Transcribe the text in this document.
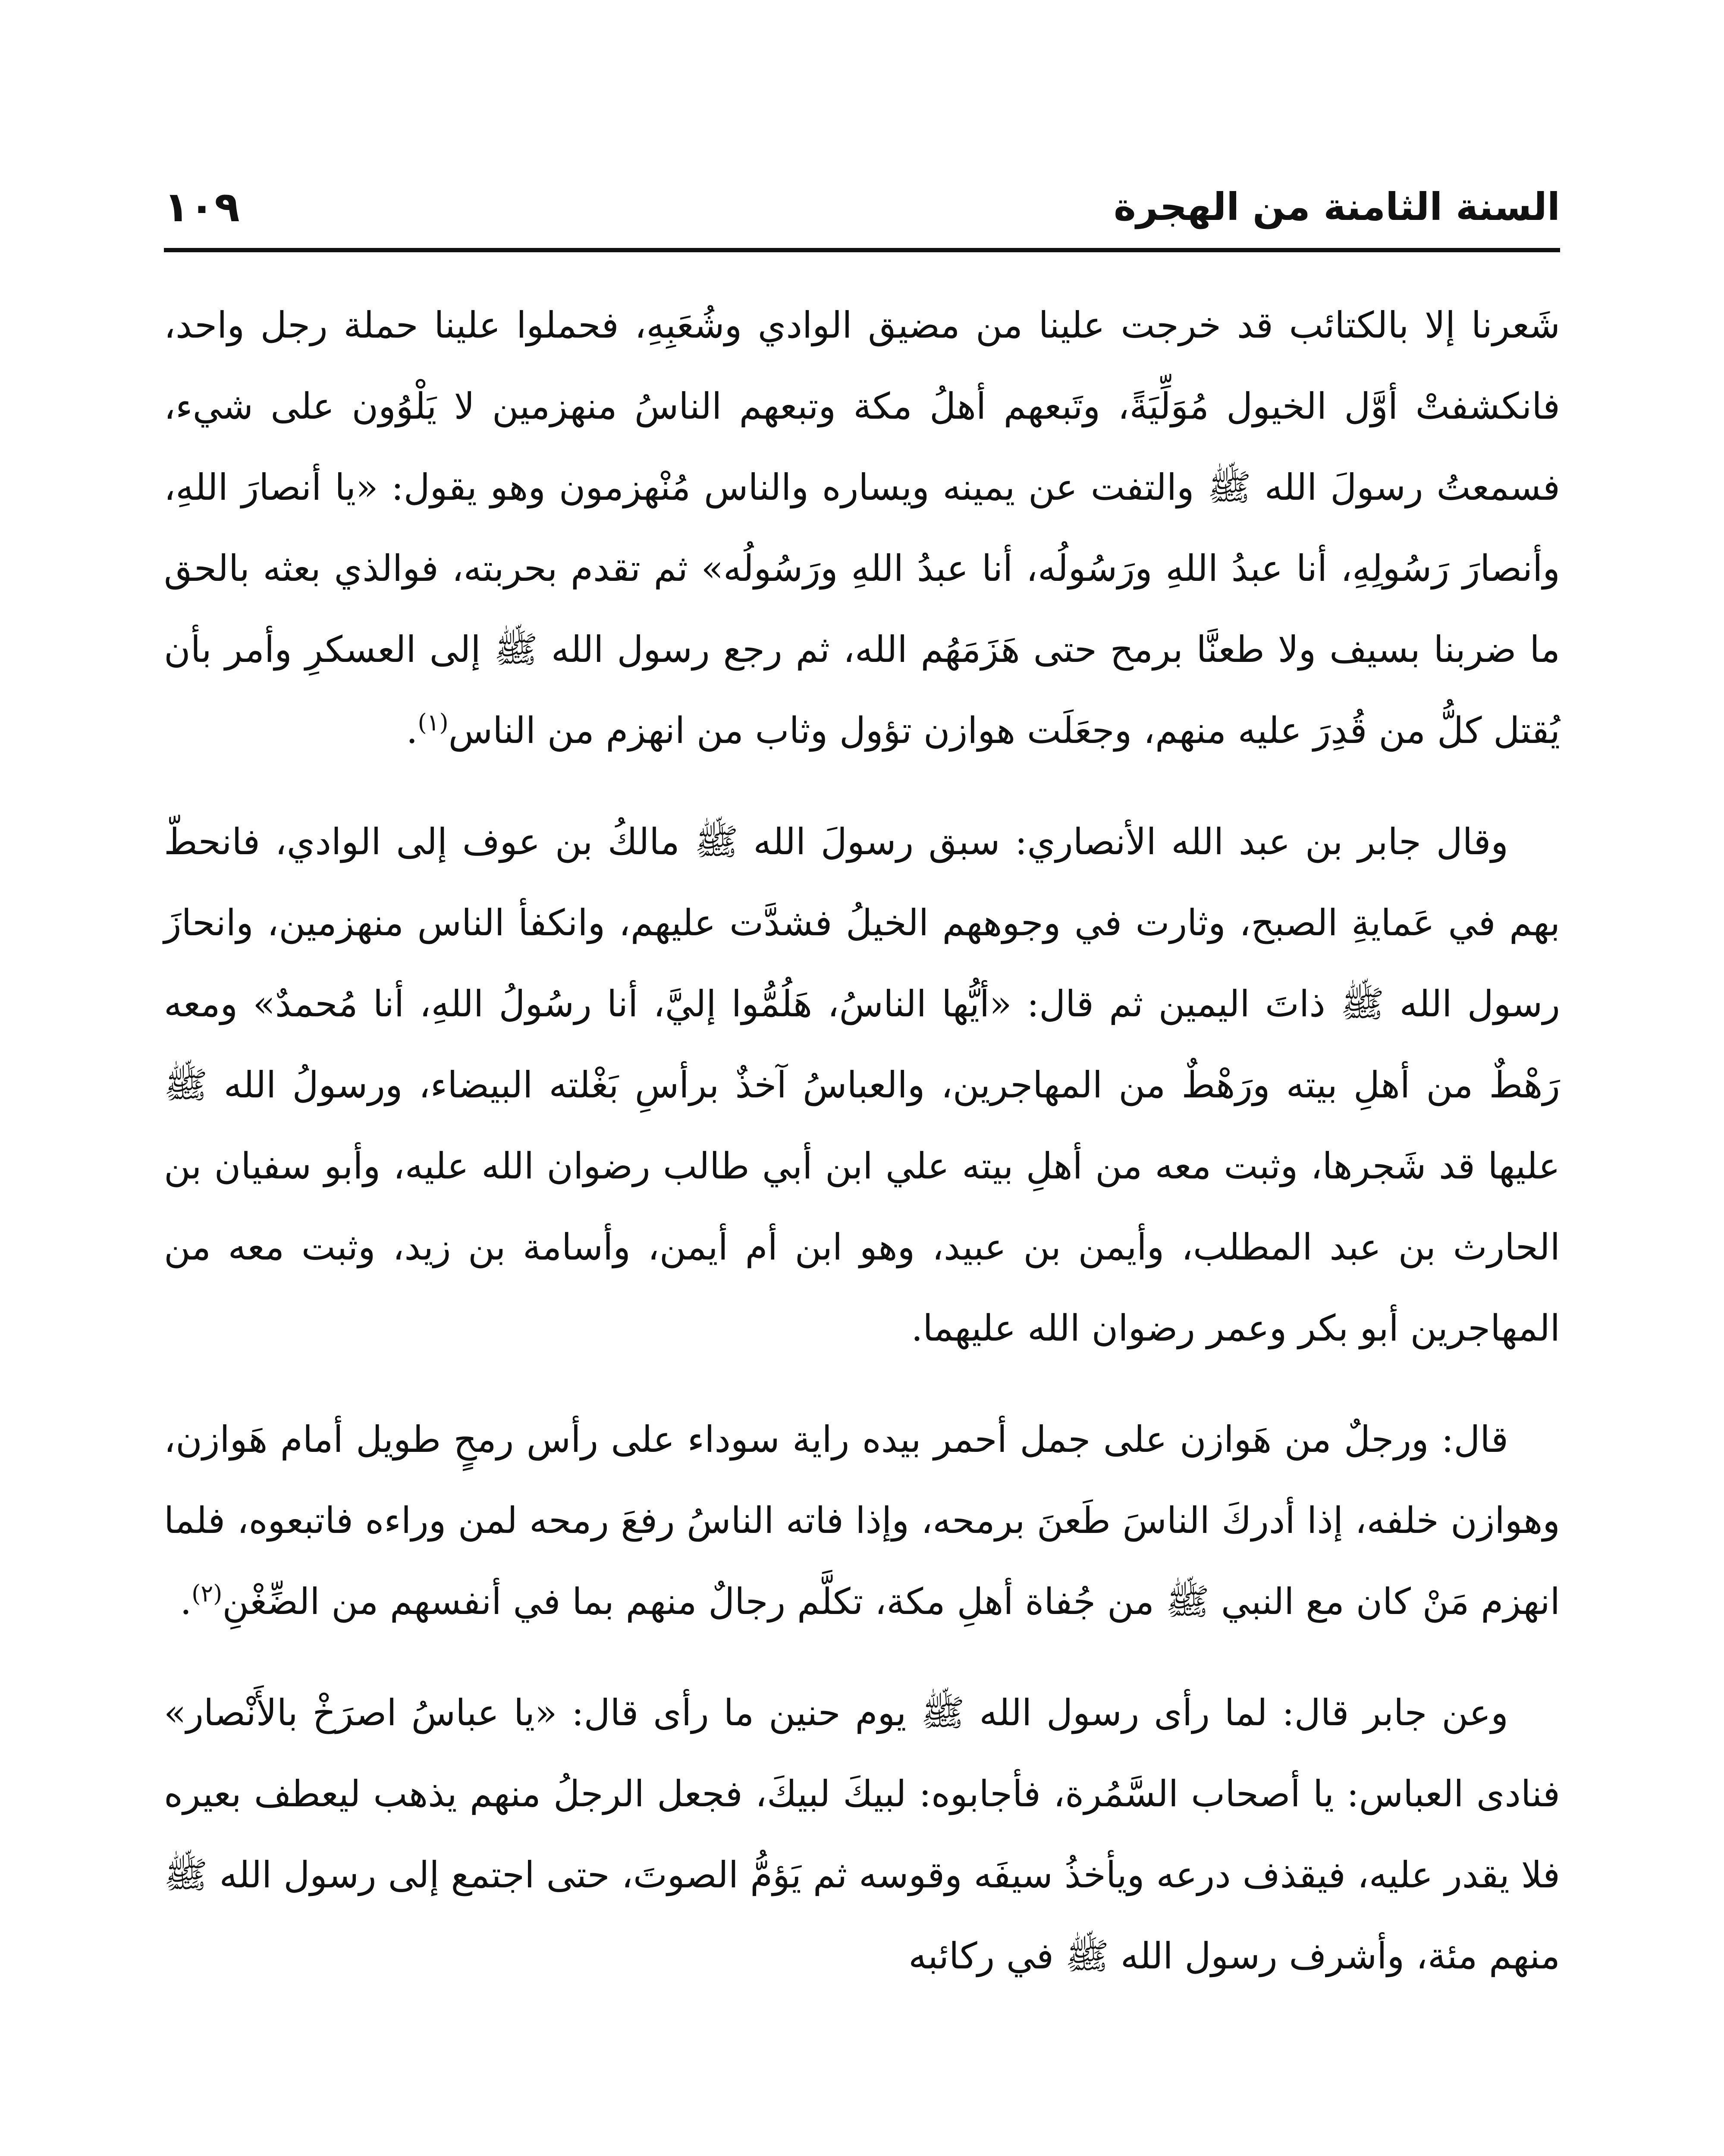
السنة الثامنة من الهجرة
١٠٩

شَعرنا إلا بالكتائب قد خرجت علينا من مضيق الوادي وشُعَبِهِ، فحملوا علينا حملة رجل واحد، فانكشفتْ أوَّل الخيول مُوَلِّيَةً، وتَبعهم أهلُ مكة وتبعهم الناسُ منهزمين لا يَلْوُون على شيء، فسمعتُ رسولَ الله ﷺ والتفت عن يمينه ويساره والناس مُنْهزمون وهو يقول: «يا أنصارَ اللهِ، وأنصارَ رَسُولِهِ، أنا عبدُ اللهِ ورَسُولُه، أنا عبدُ اللهِ ورَسُولُه» ثم تقدم بحربته، فوالذي بعثه بالحق ما ضربنا بسيف ولا طعنَّا برمح حتى هَزَمَهُم الله، ثم رجع رسول الله ﷺ إلى العسكرِ وأمر بأن يُقتل كلُّ من قُدِرَ عليه منهم، وجعَلَت هوازن تؤول وثاب من انهزم من الناس$^{(١)}$.

وقال جابر بن عبد الله الأنصاري: سبق رسولَ الله ﷺ مالكُ بن عوف إلى الوادي، فانحطّ بهم في عَمايةِ الصبح، وثارت في وجوههم الخيلُ فشدَّت عليهم، وانكفأ الناس منهزمين، وانحازَ رسول الله ﷺ ذاتَ اليمين ثم قال: «أيُّها الناسُ، هَلُمُّوا إليَّ، أنا رسُولُ اللهِ، أنا مُحمدٌ» ومعه رَهْطٌ من أهلِ بيته ورَهْطٌ من المهاجرين، والعباسُ آخذٌ برأسِ بَغْلته البيضاء، ورسولُ الله ﷺ عليها قد شَجرها، وثبت معه من أهلِ بيته علي ابن أبي طالب رضوان الله عليه، وأبو سفيان بن الحارث بن عبد المطلب، وأيمن بن عبيد، وهو ابن أم أيمن، وأسامة بن زيد، وثبت معه من المهاجرين أبو بكر وعمر رضوان الله عليهما.

قال: ورجلٌ من هَوازن على جمل أحمر بيده راية سوداء على رأس رمحٍ طويل أمام هَوازن، وهوازن خلفه، إذا أدركَ الناسَ طَعنَ برمحه، وإذا فاته الناسُ رفعَ رمحه لمن وراءه فاتبعوه، فلما انهزم مَنْ كان مع النبي ﷺ من جُفاة أهلِ مكة، تكلَّم رجالٌ منهم بما في أنفسهم من الضِّغْنِ$^{(٢)}$.

وعن جابر قال: لما رأى رسول الله ﷺ يوم حنين ما رأى قال: «يا عباسُ اصرَخْ بالأَنْصار» فنادى العباس: يا أصحاب السَّمُرة، فأجابوه: لبيكَ لبيكَ، فجعل الرجلُ منهم يذهب ليعطف بعيره فلا يقدر عليه، فيقذف درعه ويأخذُ سيفَه وقوسه ثم يَؤمُّ الصوتَ، حتى اجتمع إلى رسول الله ﷺ منهم مئة، وأشرف رسول الله ﷺ في ركائبه
